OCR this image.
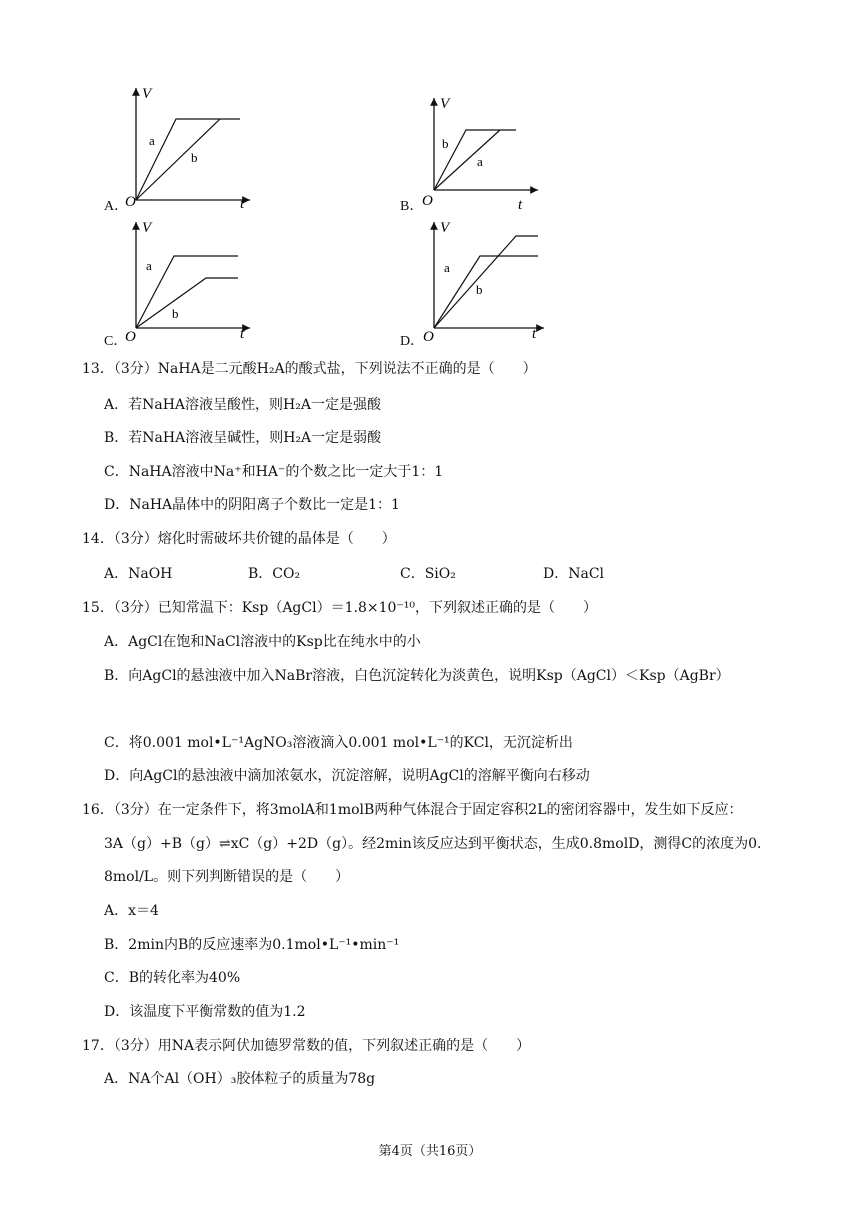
A．
V
t
O
a
b
B．
V
t
O
b
a
C．
V
t
O
a
b
D．
V
t
O
a
b
13．（3分）NaHA是二元酸H₂A的酸式盐，下列说法不正确的是（　　）
A．若NaHA溶液呈酸性，则H₂A一定是强酸
B．若NaHA溶液呈碱性，则H₂A一定是弱酸
C．NaHA溶液中Na⁺和HA⁻的个数之比一定大于1：1
D．NaHA晶体中的阴阳离子个数比一定是1：1
14．（3分）熔化时需破坏共价键的晶体是（　　）
A．NaOH	B．CO₂	C．SiO₂	D．NaCl
15．（3分）已知常温下：Ksp（AgCl）＝1.8×10⁻¹⁰，下列叙述正确的是（　　）
A．AgCl在饱和NaCl溶液中的Ksp比在纯水中的小
B．向AgCl的悬浊液中加入NaBr溶液，白色沉淀转化为淡黄色，说明Ksp（AgCl）＜Ksp（AgBr）
C．将0.001 mol•L⁻¹AgNO₃溶液滴入0.001 mol•L⁻¹的KCl，无沉淀析出
D．向AgCl的悬浊液中滴加浓氨水，沉淀溶解，说明AgCl的溶解平衡向右移动
16．（3分）在一定条件下，将3molA和1molB两种气体混合于固定容积2L的密闭容器中，发生如下反应：
3A（g）+B（g）⇌xC（g）+2D（g）。经2min该反应达到平衡状态，生成0.8molD，测得C的浓度为0.
8mol/L。则下列判断错误的是（　　）
A．x＝4
B．2min内B的反应速率为0.1mol•L⁻¹•min⁻¹
C．B的转化率为40%
D．该温度下平衡常数的值为1.2
17．（3分）用NA表示阿伏加德罗常数的值，下列叙述正确的是（　　）
A．NA个Al（OH）₃胶体粒子的质量为78g
第4页（共16页）
